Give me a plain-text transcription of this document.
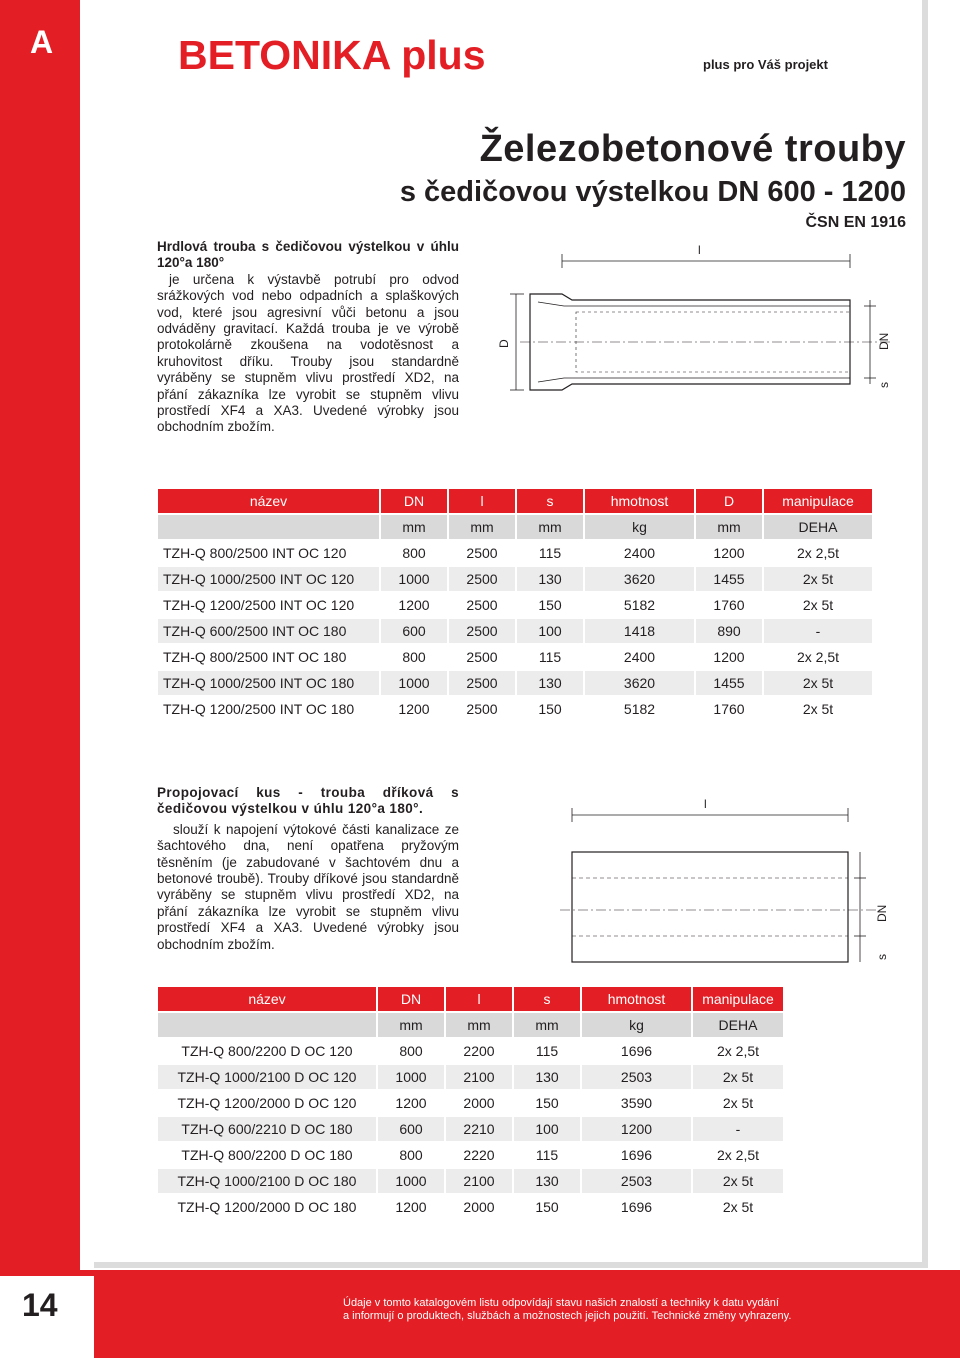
A	BETONIKA plus	plus pro Váš projekt
Železobetonové trouby
s čedičovou výstelkou DN 600 - 1200
ČSN EN 1916
Hrdlová trouba s čedičovou výstelkou v úhlu 120°a 180°
je určena k výstavbě potrubí pro odvod srážkových vod nebo odpadních a splaškových vod, které jsou agresivní vůči betonu a jsou odváděny gravitací. Každá trouba je ve výrobě protokolárně zkoušena na vodotěsnost a kruhovitost dříku. Trouby jsou standardně vyráběny se stupněm vlivu prostředí XD2, na přání zákazníka lze vyrobit se stupněm vlivu prostředí XF4 a XA3. Uvedené výrobky jsou obchodním zbožím.
l
D	DN
s
název	DN	l	s	hmotnost	D	manipulace
	mm	mm	mm	kg	mm	DEHA
TZH-Q 800/2500 INT OC 120	800	2500	115	2400	1200	2x 2,5t
TZH-Q 1000/2500 INT OC 120	1000	2500	130	3620	1455	2x 5t
TZH-Q 1200/2500 INT OC 120	1200	2500	150	5182	1760	2x 5t
TZH-Q 600/2500 INT OC 180	600	2500	100	1418	890	-
TZH-Q 800/2500 INT OC 180	800	2500	115	2400	1200	2x 2,5t
TZH-Q 1000/2500 INT OC 180	1000	2500	130	3620	1455	2x 5t
TZH-Q 1200/2500 INT OC 180	1200	2500	150	5182	1760	2x 5t
Propojovací kus - trouba dříková s čedičovou výstelkou v úhlu 120°a 180°.
slouží k napojení výtokové části kanalizace ze šachtového dna, není opatřena pryžovým těsněním (je zabudované v šachtovém dnu a betonové troubě). Trouby dříkové jsou standardně vyráběny se stupněm vlivu prostředí XD2, na přání zákazníka lze vyrobit se stupněm vlivu prostředí XF4 a XA3. Uvedené výrobky jsou obchodním zbožím.
l
DN
s
název	DN	l	s	hmotnost	manipulace
	mm	mm	mm	kg	DEHA
TZH-Q 800/2200 D OC 120	800	2200	115	1696	2x 2,5t
TZH-Q 1000/2100 D OC 120	1000	2100	130	2503	2x 5t
TZH-Q 1200/2000 D OC 120	1200	2000	150	3590	2x 5t
TZH-Q 600/2210 D OC 180	600	2210	100	1200	-
TZH-Q 800/2200 D OC 180	800	2220	115	1696	2x 2,5t
TZH-Q 1000/2100 D OC 180	1000	2100	130	2503	2x 5t
TZH-Q 1200/2000 D OC 180	1200	2000	150	1696	2x 5t
14	Údaje v tomto katalogovém listu odpovídají stavu našich znalostí a techniky k datu vydání
a informují o produktech, službách a možnostech jejich použití. Technické změny vyhrazeny.
